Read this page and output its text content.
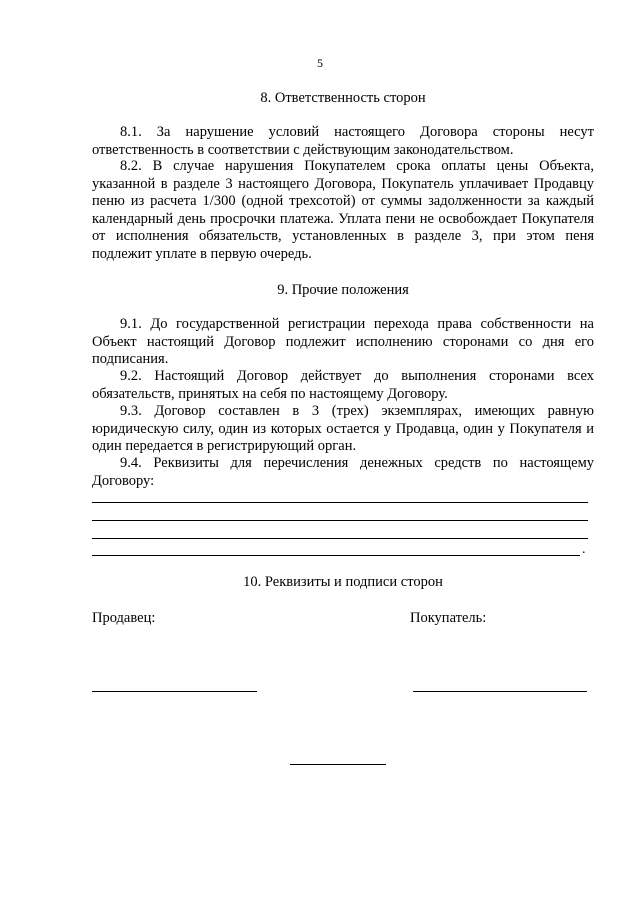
5
8. Ответственность сторон
8.1. За нарушение условий настоящего Договора стороны несут ответственность в соответствии с действующим законодательством.
8.2. В случае нарушения Покупателем срока оплаты цены Объекта, указанной в разделе 3 настоящего Договора, Покупатель уплачивает Продавцу пеню из расчета 1/300 (одной трехсотой) от суммы задолженности за каждый календарный день просрочки платежа. Уплата пени не освобождает Покупателя от исполнения обязательств, установленных в разделе 3, при этом пеня подлежит уплате в первую очередь.
9. Прочие положения
9.1. До государственной регистрации перехода права собственности на Объект настоящий Договор подлежит исполнению сторонами со дня его подписания.
9.2. Настоящий Договор действует до выполнения сторонами всех обязательств, принятых на себя по настоящему Договору.
9.3. Договор составлен в 3 (трех) экземплярах, имеющих равную юридическую силу, один из которых остается у Продавца, один у Покупателя и один передается в регистрирующий орган.
9.4. Реквизиты для перечисления денежных средств по настоящему Договору:
.
10. Реквизиты и подписи сторон
Продавец:	Покупатель:
